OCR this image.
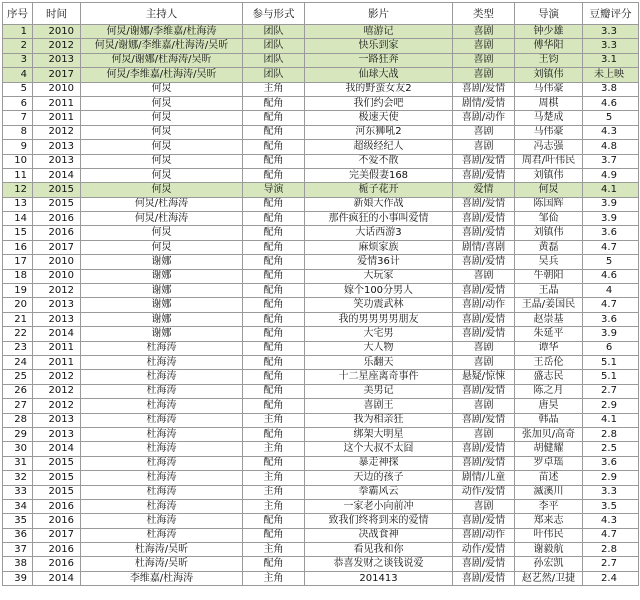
序号	时间	主持人	参与形式	影片	类型	导演	豆瓣评分
1	2010	何炅/谢娜/李维嘉/杜海涛	团队	嘻游记	喜剧	钟少雄	3.3
2	2012	何炅/谢娜/李维嘉/杜海涛/吴昕	团队	快乐到家	喜剧	傅华阳	3.3
3	2013	何炅/谢娜/杜海涛/吴昕	团队	一路狂奔	喜剧	王钧	3.1
4	2017	何炅/李维嘉/杜海涛/吴昕	团队	仙球大战	喜剧	刘镇伟	未上映
5	2010	何炅	主角	我的野蛮女友2	喜剧/爱情	马伟豪	3.8
6	2011	何炅	配角	我们约会吧	剧情/爱情	周棋	4.6
7	2011	何炅	配角	极速天使	喜剧/动作	马楚成	5
8	2012	何炅	配角	河东狮吼2	喜剧	马伟豪	4.3
9	2013	何炅	配角	超级经纪人	喜剧	冯志强	4.8
10	2013	何炅	配角	不爱不散	喜剧/爱情	周君/叶伟民	3.7
11	2014	何炅	配角	完美假妻168	喜剧/爱情	刘镇伟	4.9
12	2015	何炅	导演	栀子花开	爱情	何炅	4.1
13	2015	何炅/杜海涛	配角	新娘大作战	喜剧/爱情	陈国辉	3.9
14	2016	何炅/杜海涛	配角	那件疯狂的小事叫爱情	喜剧/爱情	邹佡	3.9
15	2016	何炅	配角	大话西游3	喜剧/爱情	刘镇伟	3.6
16	2017	何炅	配角	麻烦家族	剧情/喜剧	黄磊	4.7
17	2010	谢娜	配角	爱情36计	喜剧/爱情	吴兵	5
18	2010	谢娜	配角	大玩家	喜剧	牛朝阳	4.6
19	2012	谢娜	配角	嫁个100分男人	喜剧/爱情	王晶	4
20	2013	谢娜	配角	笑功震武林	喜剧/动作	王晶/姜国民	4.7
21	2013	谢娜	配角	我的男男男男朋友	喜剧/爱情	赵崇基	3.6
22	2014	谢娜	配角	大宅男	喜剧/爱情	朱延平	3.9
23	2011	杜海涛	配角	大人物	喜剧	谭华	6
24	2011	杜海涛	配角	乐翻天	喜剧	王岳伦	5.1
25	2012	杜海涛	配角	十二星座离奇事件	悬疑/惊悚	盛志民	5.1
26	2012	杜海涛	配角	美男记	喜剧/爱情	陈之月	2.7
27	2012	杜海涛	配角	喜剧王	喜剧	唐昊	2.9
28	2013	杜海涛	主角	我为相亲狂	喜剧/爱情	韩晶	4.1
29	2013	杜海涛	配角	绑架大明星	喜剧	张加贝/高奇	2.8
30	2014	杜海涛	主角	这个大叔不太囧	喜剧/爱情	胡健耀	2.5
31	2015	杜海涛	配角	暴走神探	喜剧/爱情	罗卓瑶	3.6
32	2015	杜海涛	主角	天边的孩子	剧情/儿童	苗述	2.9
33	2015	杜海涛	主角	拳霸风云	动作/爱情	滅溪川	3.3
34	2016	杜海涛	主角	一家老小向前冲	喜剧	李平	3.5
35	2016	杜海涛	配角	致我们终将到来的爱情	喜剧/爱情	郑来志	4.3
36	2017	杜海涛	配角	决战食神	喜剧/动作	叶伟民	4.7
37	2016	杜海涛/吴昕	主角	看见我和你	动作/爱情	谢毅航	2.8
38	2016	杜海涛/吴昕	配角	恭喜发财之谈钱说爱	喜剧/爱情	孙宏凯	2.7
39	2014	李维嘉/杜海涛	主角	201413	喜剧/爱情	赵艺然/卫捷	2.4
